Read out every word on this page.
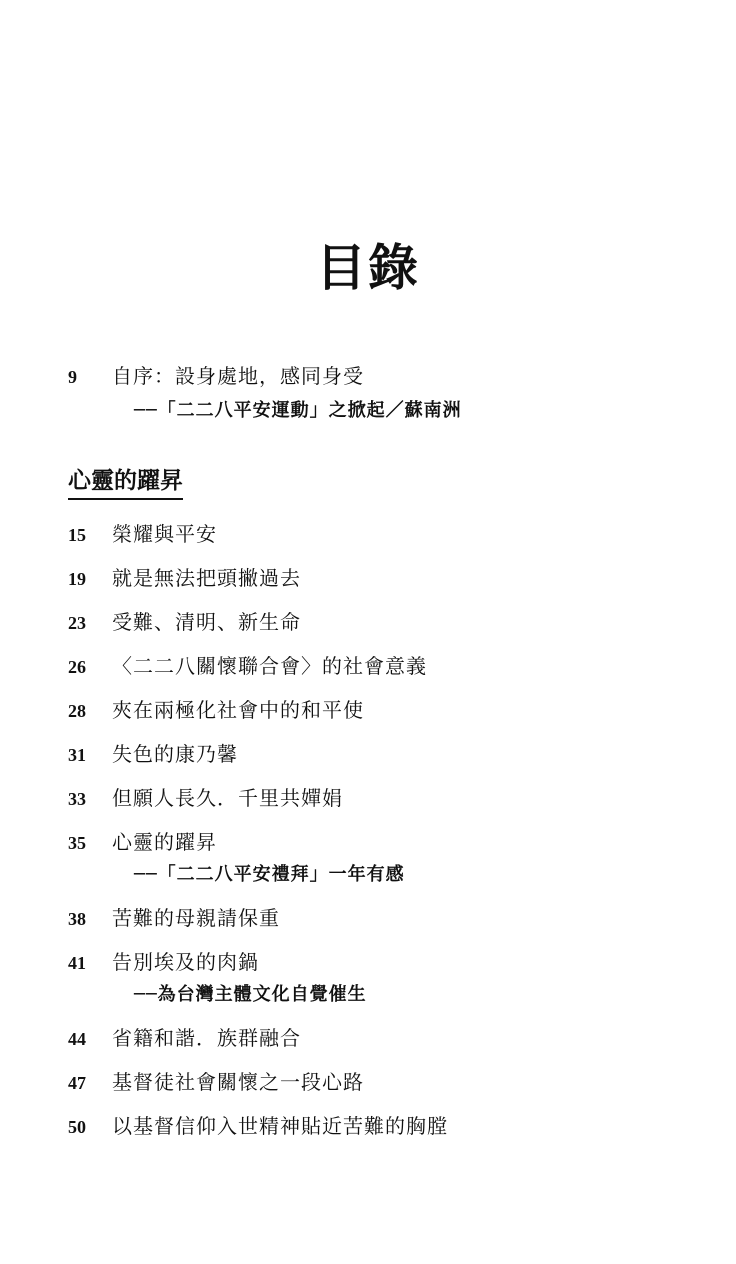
目錄
9	自序：設身處地，感同身受
──「二二八平安運動」之掀起／蘇南洲
心靈的躍昇
15	榮耀與平安
19	就是無法把頭撇過去
23	受難、清明、新生命
26	〈二二八關懷聯合會〉的社會意義
28	夾在兩極化社會中的和平使
31	失色的康乃馨
33	但願人長久．千里共嬋娟
35	心靈的躍昇
──「二二八平安禮拜」一年有感
38	苦難的母親請保重
41	告別埃及的肉鍋
──為台灣主體文化自覺催生
44	省籍和諧．族群融合
47	基督徒社會關懷之一段心路
50	以基督信仰入世精神貼近苦難的胸膛
